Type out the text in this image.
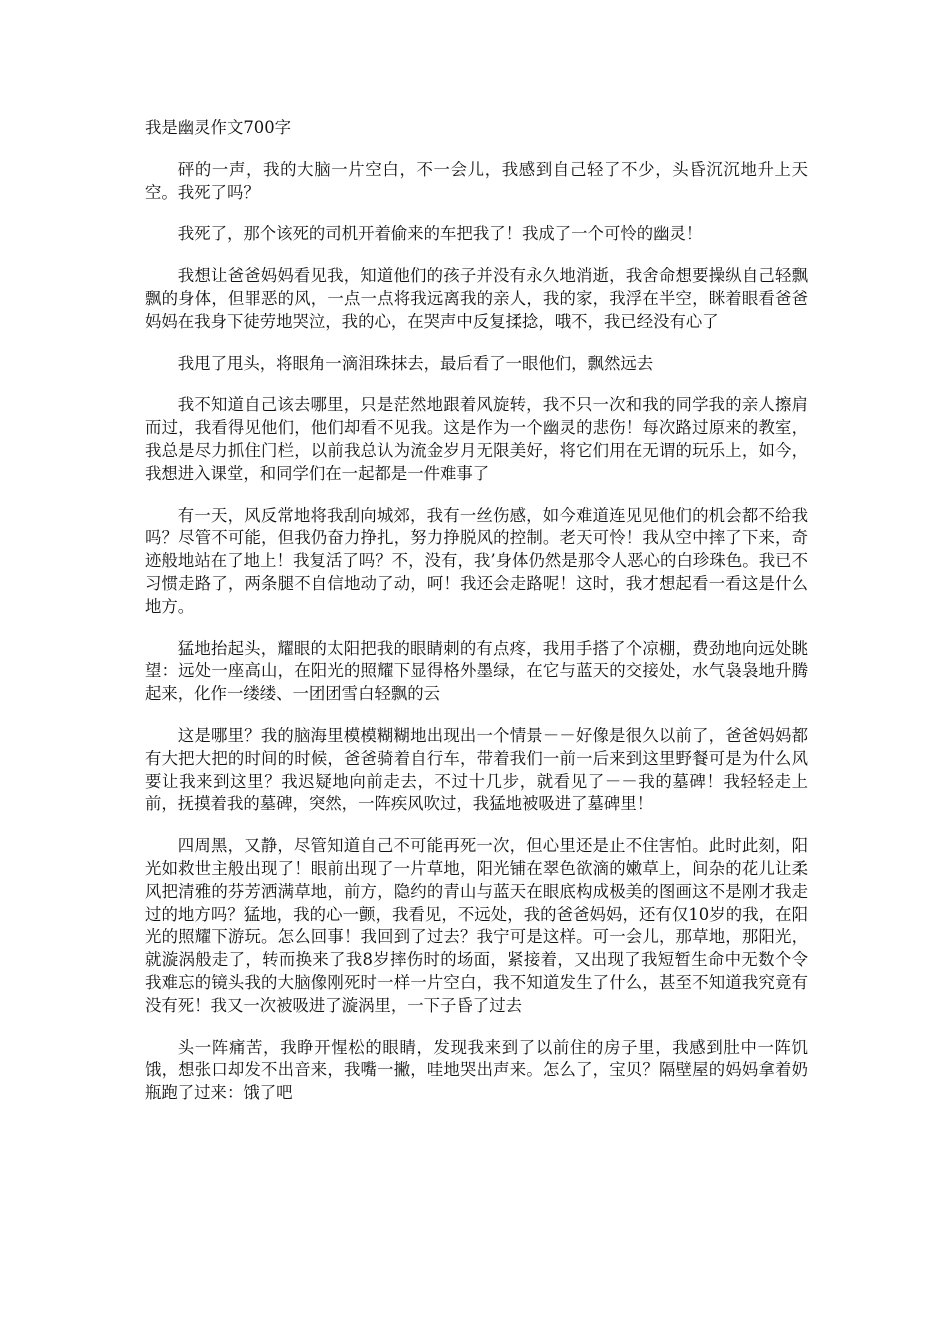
我是幽灵作文700字

砰的一声，我的大脑一片空白，不一会儿，我感到自己轻了不少，头昏沉沉地升上天空。我死了吗？

我死了，那个该死的司机开着偷来的车把我了！我成了一个可怜的幽灵！

我想让爸爸妈妈看见我，知道他们的孩子并没有永久地消逝，我舍命想要操纵自己轻飘飘的身体，但罪恶的风，一点一点将我远离我的亲人，我的家，我浮在半空，眯着眼看爸爸妈妈在我身下徒劳地哭泣，我的心，在哭声中反复揉捻，哦不，我已经没有心了

我甩了甩头，将眼角一滴泪珠抹去，最后看了一眼他们，飘然远去

我不知道自己该去哪里，只是茫然地跟着风旋转，我不只一次和我的同学我的亲人擦肩而过，我看得见他们，他们却看不见我。这是作为一个幽灵的悲伤！每次路过原来的教室，我总是尽力抓住门栏，以前我总认为流金岁月无限美好，将它们用在无谓的玩乐上，如今，我想进入课堂，和同学们在一起都是一件难事了

有一天，风反常地将我刮向城郊，我有一丝伤感，如今难道连见见他们的机会都不给我吗？尽管不可能，但我仍奋力挣扎，努力挣脱风的控制。老天可怜！我从空中摔了下来，奇迹般地站在了地上！我复活了吗？不，没有，我’身体仍然是那令人恶心的白珍珠色。我已不习惯走路了，两条腿不自信地动了动，呵！我还会走路呢！这时，我才想起看一看这是什么地方。

猛地抬起头，耀眼的太阳把我的眼睛刺的有点疼，我用手搭了个凉棚，费劲地向远处眺望：远处一座高山，在阳光的照耀下显得格外墨绿，在它与蓝天的交接处，水气袅袅地升腾起来，化作一缕缕、一团团雪白轻飘的云

这是哪里？我的脑海里模模糊糊地出现出一个情景－－好像是很久以前了，爸爸妈妈都有大把大把的时间的时候，爸爸骑着自行车，带着我们一前一后来到这里野餐可是为什么风要让我来到这里？我迟疑地向前走去，不过十几步，就看见了－－我的墓碑！我轻轻走上前，抚摸着我的墓碑，突然，一阵疾风吹过，我猛地被吸进了墓碑里！

四周黑，又静，尽管知道自己不可能再死一次，但心里还是止不住害怕。此时此刻，阳光如救世主般出现了！眼前出现了一片草地，阳光铺在翠色欲滴的嫩草上，间杂的花儿让柔风把清雅的芬芳洒满草地，前方，隐约的青山与蓝天在眼底构成极美的图画这不是刚才我走过的地方吗？猛地，我的心一颤，我看见，不远处，我的爸爸妈妈，还有仅10岁的我，在阳光的照耀下游玩。怎么回事！我回到了过去？我宁可是这样。可一会儿，那草地，那阳光，就漩涡般走了，转而换来了我8岁摔伤时的场面，紧接着，又出现了我短暂生命中无数个令我难忘的镜头我的大脑像刚死时一样一片空白，我不知道发生了什么，甚至不知道我究竟有没有死！我又一次被吸进了漩涡里，一下子昏了过去

头一阵痛苦，我睁开惺松的眼睛，发现我来到了以前住的房子里，我感到肚中一阵饥饿，想张口却发不出音来，我嘴一撇，哇地哭出声来。怎么了，宝贝？隔壁屋的妈妈拿着奶瓶跑了过来：饿了吧
